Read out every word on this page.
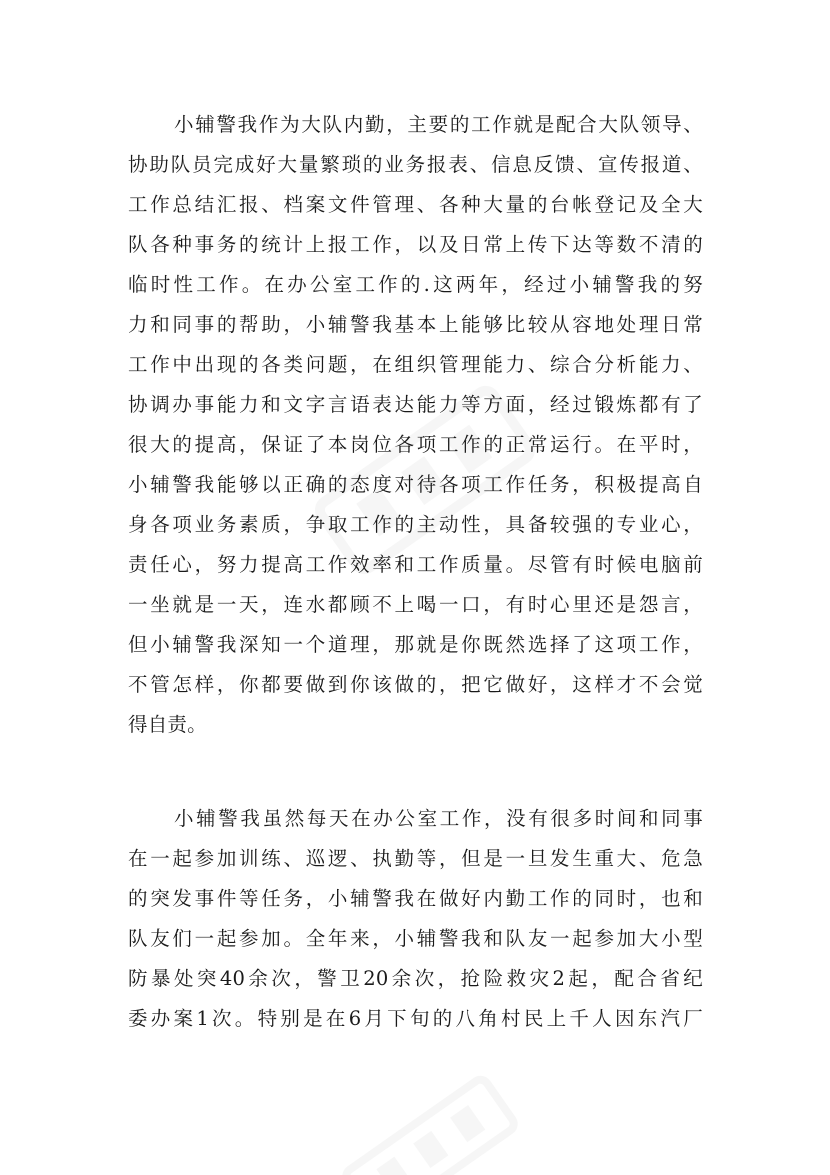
小辅警我作为大队内勤，主要的工作就是配合大队领导、
协助队员完成好大量繁琐的业务报表、信息反馈、宣传报道、
工作总结汇报、档案文件管理、各种大量的台帐登记及全大
队各种事务的统计上报工作，以及日常上传下达等数不清的
临时性工作。在办公室工作的.这两年，经过小辅警我的努
力和同事的帮助，小辅警我基本上能够比较从容地处理日常
工作中出现的各类问题，在组织管理能力、综合分析能力、
协调办事能力和文字言语表达能力等方面，经过锻炼都有了
很大的提高，保证了本岗位各项工作的正常运行。在平时，
小辅警我能够以正确的态度对待各项工作任务，积极提高自
身各项业务素质，争取工作的主动性，具备较强的专业心，
责任心，努力提高工作效率和工作质量。尽管有时候电脑前
一坐就是一天，连水都顾不上喝一口，有时心里还是怨言，
但小辅警我深知一个道理，那就是你既然选择了这项工作，
不管怎样，你都要做到你该做的，把它做好，这样才不会觉
得自责。
小辅警我虽然每天在办公室工作，没有很多时间和同事
在一起参加训练、巡逻、执勤等，但是一旦发生重大、危急
的突发事件等任务，小辅警我在做好内勤工作的同时，也和
队友们一起参加。全年来，小辅警我和队友一起参加大小型
防暴处突40余次，警卫20余次，抢险救灾2起，配合省纪
委办案1次。特别是在6月下旬的八角村民上千人因东汽厂
